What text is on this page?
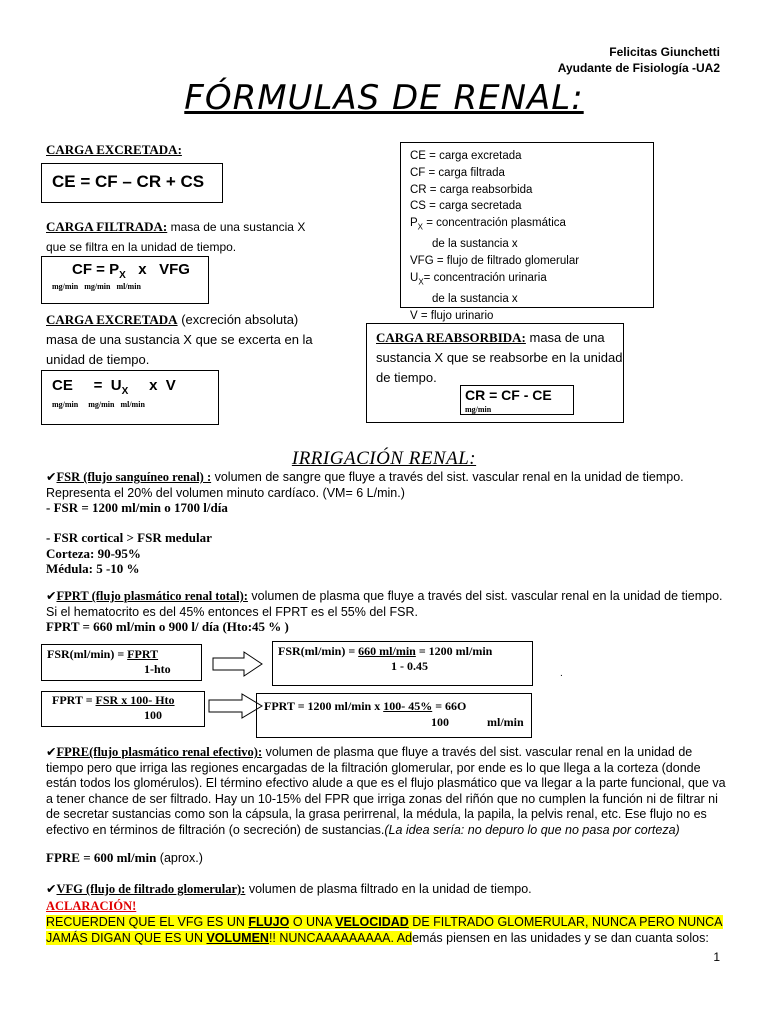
Felicitas Giunchetti
Ayudante de Fisiología -UA2
FÓRMULAS DE RENAL:
CARGA EXCRETADA:
CE = CF – CR + CS
CE = carga excretada
CF = carga filtrada
CR = carga reabsorbida
CS = carga secretada
$P_X$ = concentración plasmática
de la sustancia x
VFG = flujo de filtrado glomerular
$U_X=$ concentración urinaria
de la sustancia x
V = flujo urinario
CARGA FILTRADA: masa de una sustancia X
que se filtra en la unidad de tiempo.
CF = $P_X$   x   VFG
mg/min   mg/min   ml/min
CARGA EXCRETADA (excreción absoluta)
masa de una sustancia X que se excerta en la
unidad de tiempo.
CE     =  $U_X$     x  V
mg/min     mg/min   ml/min
CARGA REABSORBIDA: masa de una
sustancia X que se reabsorbe en la unidad
de tiempo.
CR = CF - CE
mg/min
IRRIGACIÓN RENAL:
✔︎FSR (flujo sanguíneo renal) : volumen de sangre que fluye a través del sist. vascular renal en la unidad de tiempo. Representa el 20% del volumen minuto cardíaco. (VM= 6 L/min.)
- FSR = 1200 ml/min o 1700 l/día
- FSR cortical > FSR medular
Corteza: 90-95%
Médula: 5 -10 %
✔︎FPRT (flujo plasmático renal total): volumen de plasma que fluye a través del sist. vascular renal en la unidad de tiempo. Si el hematocrito es del 45% entonces el FPRT es el 55% del FSR.
FPRT = 660 ml/min o 900 l/ día (Hto:45 % )
FSR(ml/min) = FPRT
1-hto
FSR(ml/min) = 660 ml/min = 1200 ml/min
1 - 0.45
.
FPRT = FSR x 100- Hto
100
FPRT = 1200 ml/min x 100- 45% = 66O
100	ml/min
✔︎FPRE(flujo plasmático renal efectivo): volumen de plasma que fluye a través del sist. vascular renal en la unidad de tiempo pero que irriga las regiones encargadas de la filtración glomerular, por ende es lo que llega a la corteza (donde están todos los glomérulos). El término efectivo alude a que es el flujo plasmático que va llegar a la parte funcional, que va a tener chance de ser filtrado. Hay un 10-15% del FPR que irriga zonas del riñón que no cumplen la función ni de filtrar ni de secretar sustancias como son la cápsula, la grasa perirrenal, la médula, la papila, la pelvis renal, etc. Ese flujo no es efectivo en términos de filtración (o secreción) de sustancias.(La idea sería: no depuro lo que no pasa por corteza)
FPRE = 600 ml/min (aprox.)
✔︎VFG (flujo de filtrado glomerular): volumen de plasma filtrado en la unidad de tiempo.
ACLARACIÓN!
RECUERDEN QUE EL VFG ES UN FLUJO O UNA VELOCIDAD DE FILTRADO GLOMERULAR, NUNCA PERO NUNCA
JAMÁS DIGAN QUE ES UN VOLUMEN!! NUNCAAAAAAAAA. Además piensen en las unidades y se dan cuanta solos:
1
